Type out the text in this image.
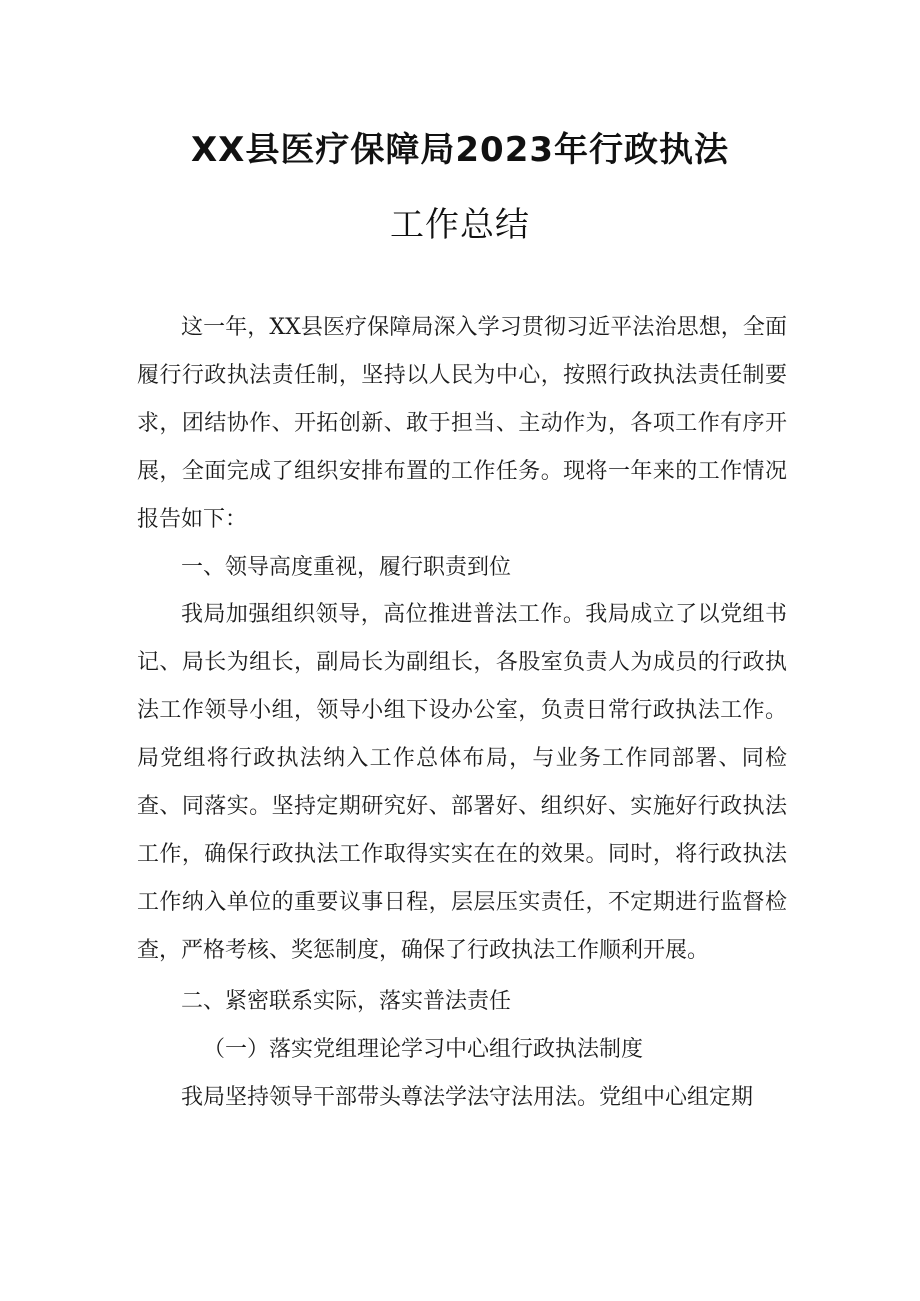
XX县医疗保障局2023年行政执法
工作总结

这一年，XX县医疗保障局深入学习贯彻习近平法治思想，全面履行行政执法责任制，坚持以人民为中心，按照行政执法责任制要求，团结协作、开拓创新、敢于担当、主动作为，各项工作有序开展，全面完成了组织安排布置的工作任务。现将一年来的工作情况报告如下：

一、领导高度重视，履行职责到位

我局加强组织领导，高位推进普法工作。我局成立了以党组书记、局长为组长，副局长为副组长，各股室负责人为成员的行政执法工作领导小组，领导小组下设办公室，负责日常行政执法工作。局党组将行政执法纳入工作总体布局，与业务工作同部署、同检查、同落实。坚持定期研究好、部署好、组织好、实施好行政执法工作，确保行政执法工作取得实实在在的效果。同时，将行政执法工作纳入单位的重要议事日程，层层压实责任，不定期进行监督检查，严格考核、奖惩制度，确保了行政执法工作顺利开展。

二、紧密联系实际，落实普法责任

（一）落实党组理论学习中心组行政执法制度

我局坚持领导干部带头尊法学法守法用法。党组中心组定期
